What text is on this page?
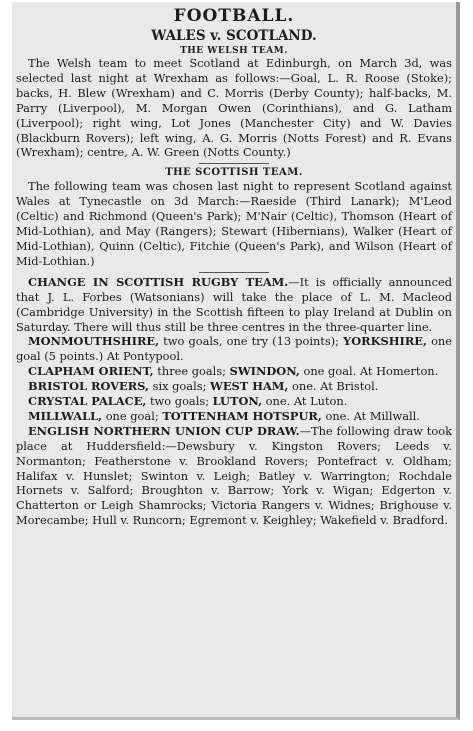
FOOTBALL.
WALES v. SCOTLAND.
THE WELSH TEAM.

The Welsh team to meet Scotland at Edinburgh, on March 3d, was selected last night at Wrexham as follows:—Goal, L. R. Roose (Stoke); backs, H. Blew (Wrexham) and C. Morris (Derby County); half-backs, M. Parry (Liverpool), M. Morgan Owen (Corinthians), and G. Latham (Liverpool); right wing, Lot Jones (Manchester City) and W. Davies (Blackburn Rovers); left wing, A. G. Morris (Notts Forest) and R. Evans (Wrexham); centre, A. W. Green (Notts County.)

THE SCOTTISH TEAM.

The following team was chosen last night to represent Scotland against Wales at Tynecastle on 3d March:—Raeside (Third Lanark); M'Leod (Celtic) and Richmond (Queen's Park); M'Nair (Celtic), Thomson (Heart of Mid-Lothian), and May (Rangers); Stewart (Hibernians), Walker (Heart of Mid-Lothian), Quinn (Celtic), Fitchie (Queen's Park), and Wilson (Heart of Mid-Lothian.)

CHANGE IN SCOTTISH RUGBY TEAM.—It is officially announced that J. L. Forbes (Watsonians) will take the place of L. M. Macleod (Cambridge University) in the Scottish fifteen to play Ireland at Dublin on Saturday. There will thus still be three centres in the three-quarter line.

MONMOUTHSHIRE, two goals, one try (13 points); YORKSHIRE, one goal (5 points.) At Pontypool.

CLAPHAM ORIENT, three goals; SWINDON, one goal. At Homerton.

BRISTOL ROVERS, six goals; WEST HAM, one. At Bristol.

CRYSTAL PALACE, two goals; LUTON, one. At Luton.

MILLWALL, one goal; TOTTENHAM HOTSPUR, one. At Millwall.

ENGLISH NORTHERN UNION CUP DRAW.—The following draw took place at Huddersfield:—Dewsbury v. Kingston Rovers; Leeds v. Normanton; Featherstone v. Brookland Rovers; Pontefract v. Oldham; Halifax v. Hunslet; Swinton v. Leigh; Batley v. Warrington; Rochdale Hornets v. Salford; Broughton v. Barrow; York v. Wigan; Edgerton v. Chatterton or Leigh Shamrocks; Victoria Rangers v. Widnes; Brighouse v. Morecambe; Hull v. Runcorn; Egremont v. Keighley; Wakefield v. Bradford.
